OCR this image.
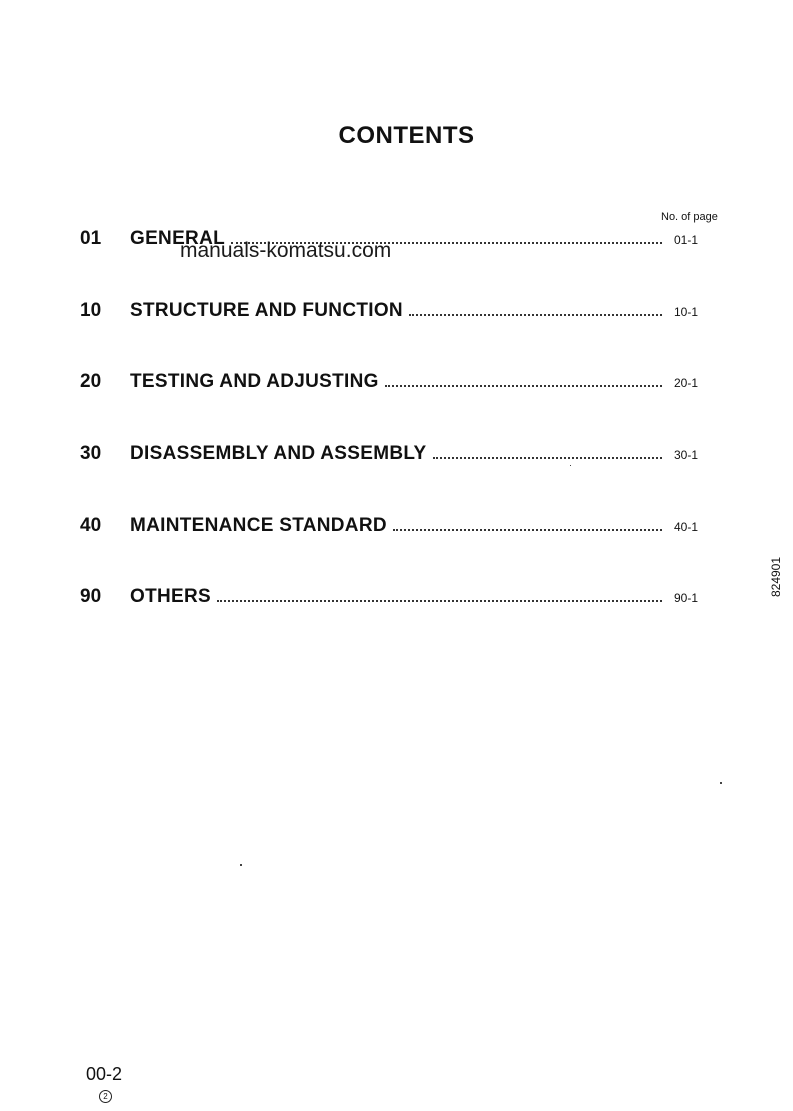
CONTENTS
No. of page
manuals-komatsu.com
01 GENERAL	01-1
10 STRUCTURE AND FUNCTION	10-1
20 TESTING AND ADJUSTING	20-1
30 DISASSEMBLY AND ASSEMBLY	30-1
40 MAINTENANCE STANDARD	40-1
90 OTHERS	90-1
824901
00-2
2
